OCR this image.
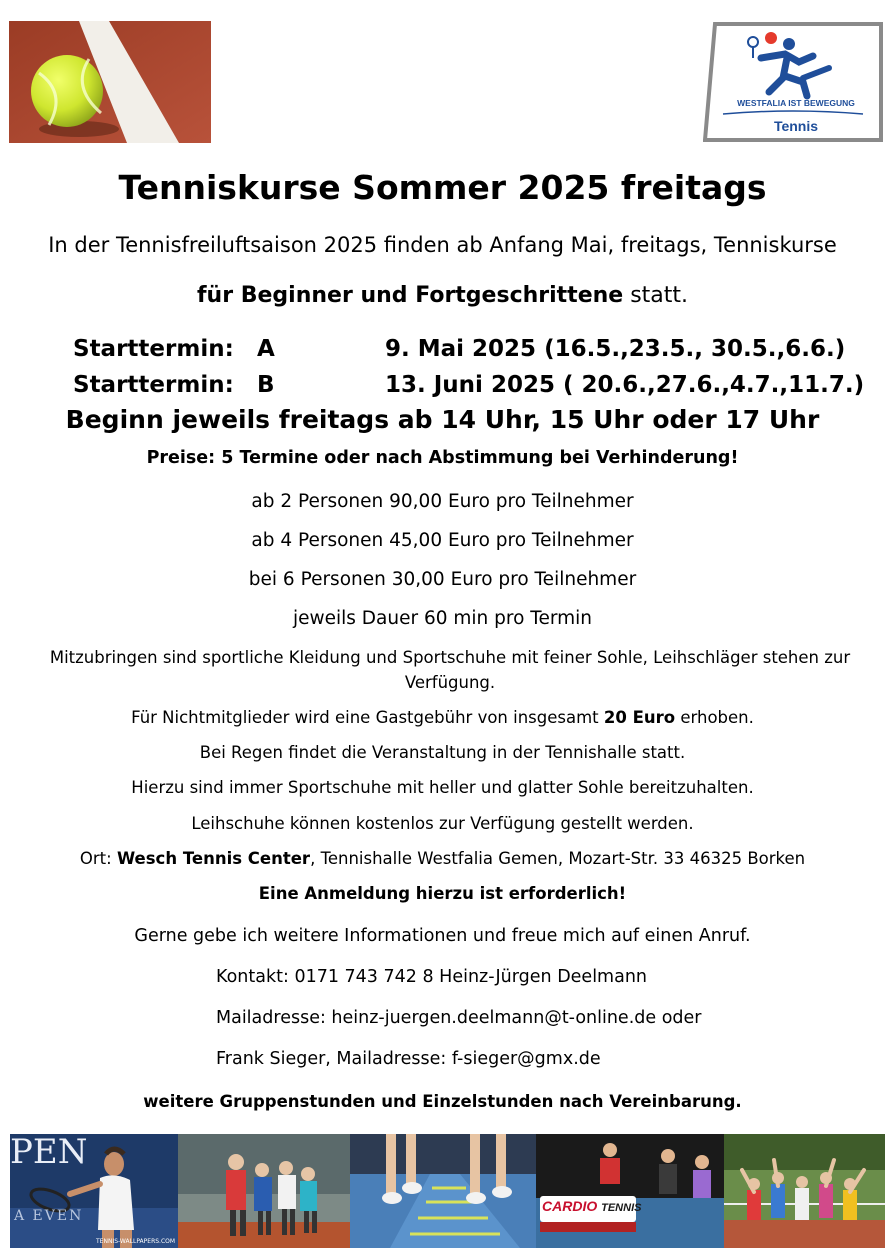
WESTFALIA IST BEWEGUNG
Tennis
Tenniskurse Sommer 2025 freitags
In der Tennisfreiluftsaison 2025 finden ab Anfang Mai, freitags, Tenniskurse
für Beginner und Fortgeschrittene statt.
Starttermin: A	9. Mai 2025 (16.5.,23.5., 30.5.,6.6.)
Starttermin: B	13. Juni 2025 ( 20.6.,27.6.,4.7.,11.7.)
Beginn jeweils freitags ab 14 Uhr, 15 Uhr oder 17 Uhr
Preise: 5 Termine oder nach Abstimmung bei Verhinderung!
ab 2 Personen 90,00 Euro pro Teilnehmer
ab 4 Personen 45,00 Euro pro Teilnehmer
bei 6 Personen 30,00 Euro pro Teilnehmer
jeweils Dauer 60 min pro Termin
Mitzubringen sind sportliche Kleidung und Sportschuhe mit feiner Sohle, Leihschläger stehen zur Verfügung.
Für Nichtmitglieder wird eine Gastgebühr von insgesamt 20 Euro erhoben.
Bei Regen findet die Veranstaltung in der Tennishalle statt.
Hierzu sind immer Sportschuhe mit heller und glatter Sohle bereitzuhalten.
Leihschuhe können kostenlos zur Verfügung gestellt werden.
Ort: Wesch Tennis Center, Tennishalle Westfalia Gemen, Mozart-Str. 33 46325 Borken
Eine Anmeldung hierzu ist erforderlich!
Gerne gebe ich weitere Informationen und freue mich auf einen Anruf.
Kontakt: 0171 743 742 8 Heinz-Jürgen Deelmann
Mailadresse: heinz-juergen.deelmann@t-online.de oder
Frank Sieger, Mailadresse: f-sieger@gmx.de
weitere Gruppenstunden und Einzelstunden nach Vereinbarung.
PEN
A EVEN
TENNIS-WALLPAPERS.COM
CARDIO TENNIS
